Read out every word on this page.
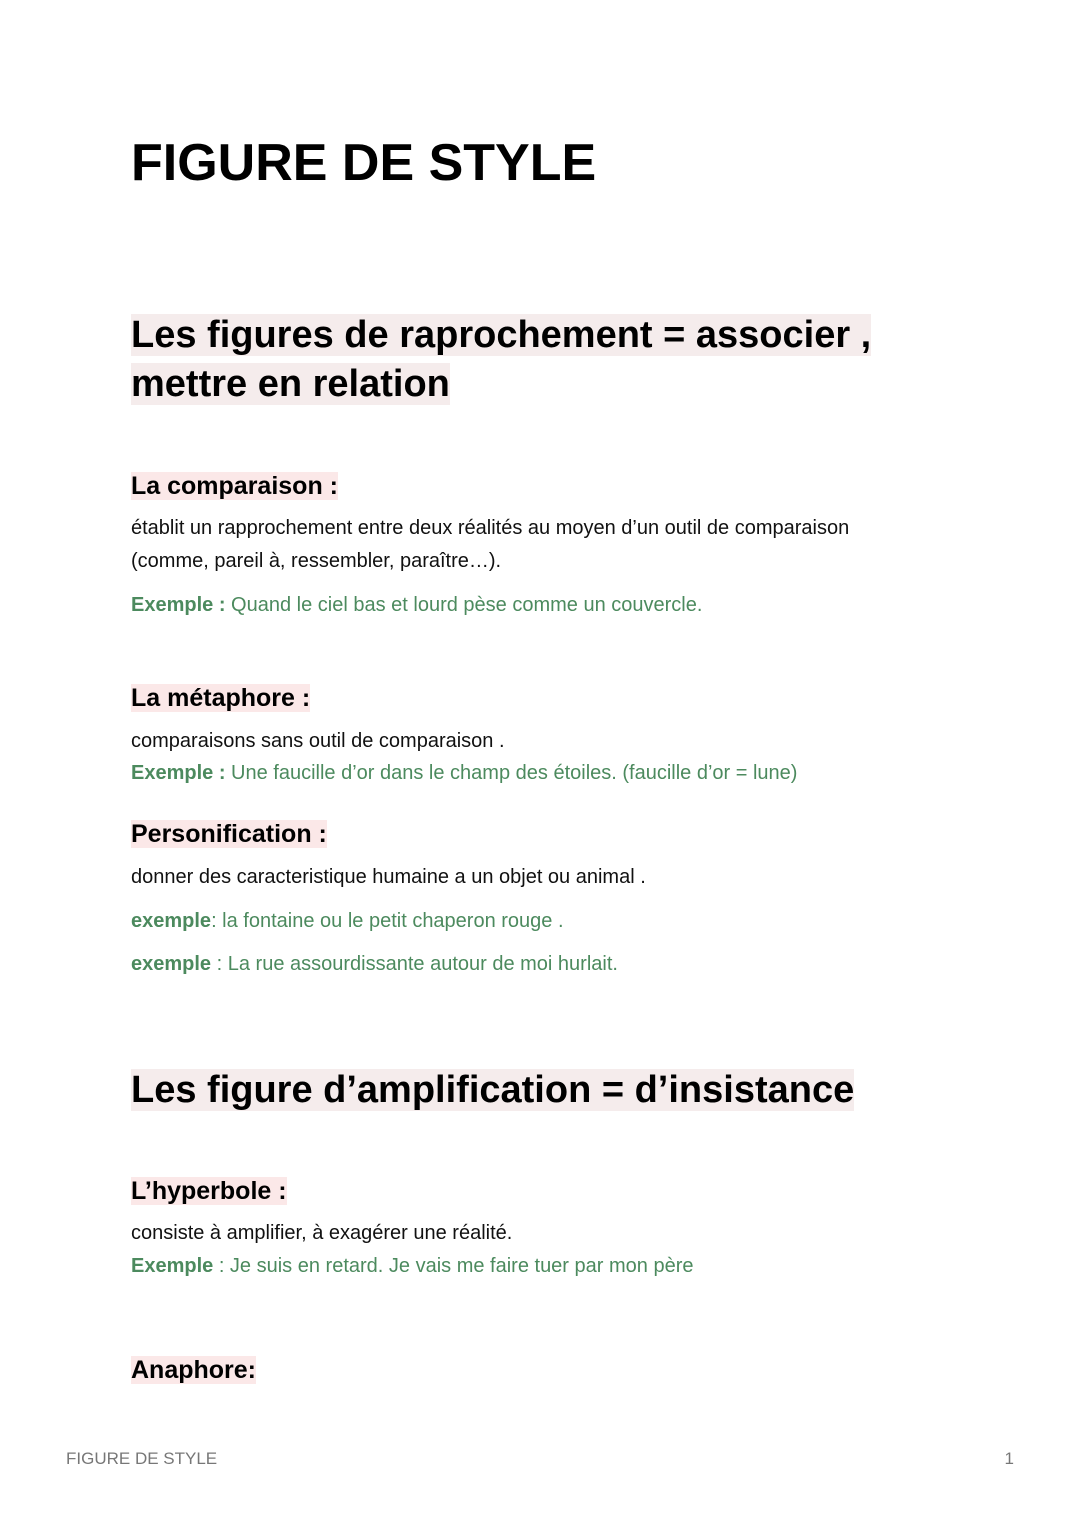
FIGURE DE STYLE
Les figures de raprochement = associer ,
mettre en relation
La comparaison :
établit un rapprochement entre deux réalités au moyen d’un outil de comparaison
(comme, pareil à, ressembler, paraître…).
Exemple : Quand le ciel bas et lourd pèse comme un couvercle.
La métaphore :
comparaisons sans outil de comparaison .
Exemple : Une faucille d’or dans le champ des étoiles. (faucille d’or = lune)
Personification :
donner des caracteristique humaine a un objet ou animal .
exemple: la fontaine ou le petit chaperon rouge .
exemple : La rue assourdissante autour de moi hurlait.
Les figure d’amplification = d’insistance
L’hyperbole :
consiste à amplifier, à exagérer une réalité.
Exemple : Je suis en retard. Je vais me faire tuer par mon père
Anaphore:
FIGURE DE STYLE	1
